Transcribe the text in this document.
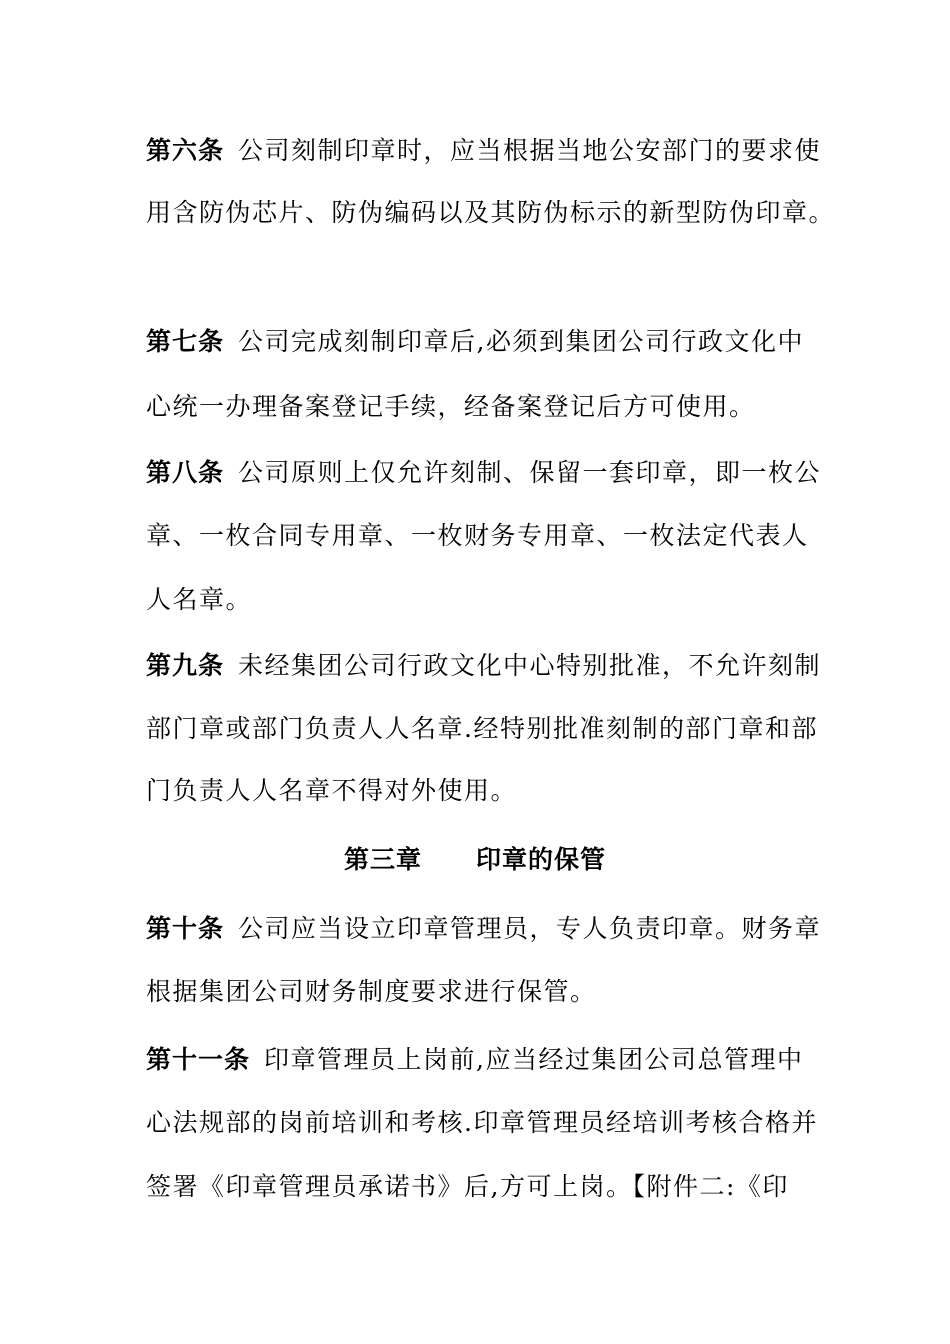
第六条 公司刻制印章时，应当根据当地公安部门的要求使
用含防伪芯片、防伪编码以及其防伪标示的新型防伪印章。
第七条 公司完成刻制印章后,必须到集团公司行政文化中
心统一办理备案登记手续，经备案登记后方可使用。
第八条 公司原则上仅允许刻制、保留一套印章，即一枚公
章、一枚合同专用章、一枚财务专用章、一枚法定代表人
人名章。
第九条 未经集团公司行政文化中心特别批准，不允许刻制
部门章或部门负责人人名章.经特别批准刻制的部门章和部
门负责人人名章不得对外使用。
第三章 印章的保管
第十条 公司应当设立印章管理员，专人负责印章。财务章
根据集团公司财务制度要求进行保管。
第十一条 印章管理员上岗前,应当经过集团公司总管理中
心法规部的岗前培训和考核.印章管理员经培训考核合格并
签署《印章管理员承诺书》后,方可上岗。【附件二:《印
